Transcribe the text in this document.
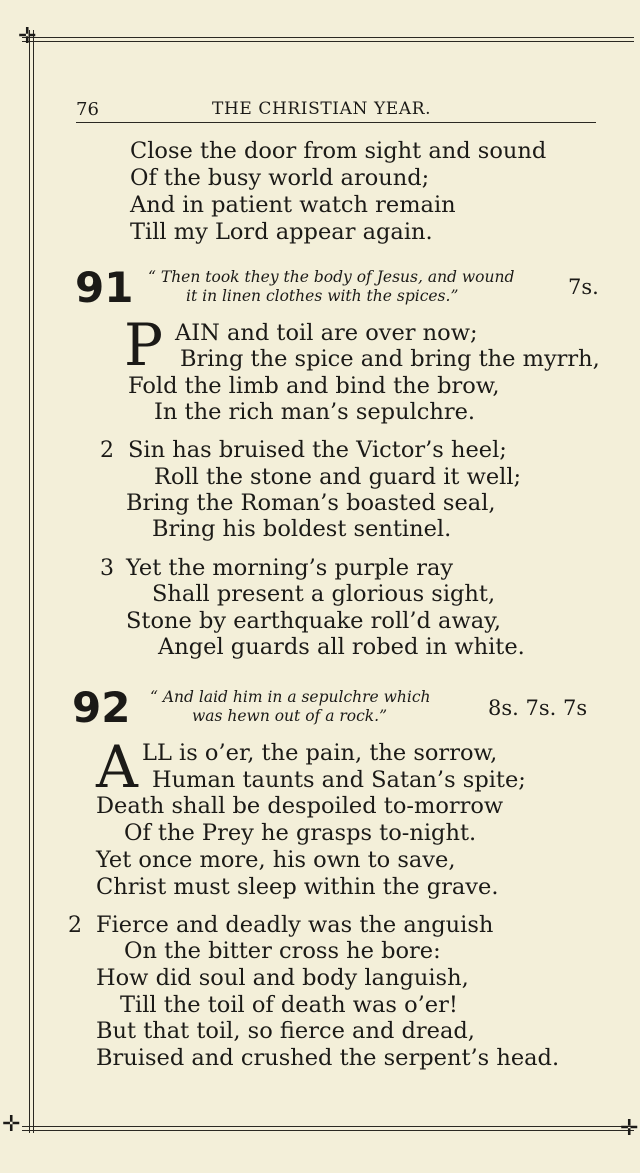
✛
✛	✛
76	THE CHRISTIAN YEAR.
Close the door from sight and sound
Of the busy world around;
And in patient watch remain
Till my Lord appear again.
91 “ Then took they the body of Jesus, and wound
it in linen clothes with the spices.”	7s.
P AIN and toil are over now;
Bring the spice and bring the myrrh,
Fold the limb and bind the brow,
In the rich man’s sepulchre.
2 Sin has bruised the Victor’s heel;
Roll the stone and guard it well;
Bring the Roman’s boasted seal,
Bring his boldest sentinel.
3 Yet the morning’s purple ray
Shall present a glorious sight,
Stone by earthquake roll’d away,
Angel guards all robed in white.
92 “ And laid him in a sepulchre which
was hewn out of a rock.”	8s. 7s. 7s
A LL is o’er, the pain, the sorrow,
Human taunts and Satan’s spite;
Death shall be despoiled to-morrow
Of the Prey he grasps to-night.
Yet once more, his own to save,
Christ must sleep within the grave.
2 Fierce and deadly was the anguish
On the bitter cross he bore:
How did soul and body languish,
Till the toil of death was o’er!
But that toil, so fierce and dread,
Bruised and crushed the serpent’s head.
